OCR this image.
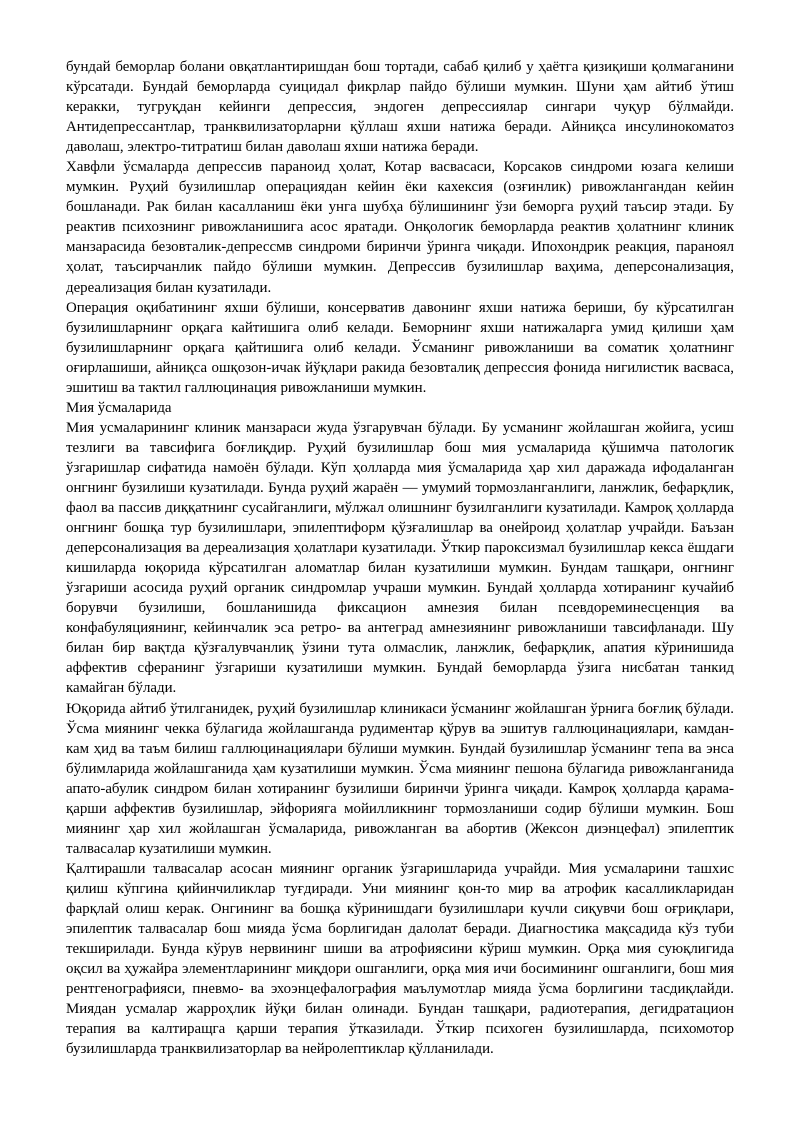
бундай беморлар болани овқатлантиришдан бош тортади, сабаб қилиб у ҳаётга қизиқиши қолмаганини кўрсатади. Бундай беморларда суицидал фикрлар пайдо бўлиши мумкин. Шуни ҳам айтиб ўтиш керакки, тугруқдан кейинги депрессия, эндоген депрессиялар сингари чуқур бўлмайди. Антидепрессантлар, транквилизаторларни қўллаш яхши натижа беради. Айниқса инсулинокоматоз даволаш, электро-титратиш билан даволаш яхши натижа беради.

Хавфли ўсмаларда депрессив параноид ҳолат, Котар васвасаси, Корсаков синдроми юзага келиши мумкин. Руҳий бузилишлар операциядан кейин ёки кахексия (озғинлик) ривожлангандан кейин бошланади. Рак билан касалланиш ёки унга шубҳа бўлишининг ўзи беморга руҳий таъсир этади. Бу реактив психознинг ривожланишига асос яратади. Онқологик беморларда реактив ҳолатнинг клиник манзарасида безовталик-депрессмв синдроми биринчи ўринга чиқади. Ипохондрик реакция, параноял ҳолат, таъсирчанлик пайдо бўлиши мумкин. Депрессив бузилишлар ваҳима, деперсонализация, дереализация билан кузатилади.

Операция оқибатининг яхши бўлиши, консерватив давонинг яхши натижа бериши, бу кўрсатилган бузилишларнинг орқага кайтишига олиб келади. Беморнинг яхши натижаларга умид қилиши ҳам бузилишларнинг орқага қайтишига олиб келади. Ўсманинг ривожланиши ва соматик ҳолатнинг оғирлашиши, айниқса ошқозон-ичак йўқлари ракида безовталиқ депрессия фонида нигилистик васваса, эшитиш ва тактил галлюцинация ривожланиши мумкин.

Мия ўсмаларида

Мия усмаларининг клиник манзараси жуда ўзгарувчан бўлади. Бу усманинг жойлашган жойига, усиш тезлиги ва тавсифига боғлиқдир. Руҳий бузилишлар бош мия усмаларида қўшимча патологик ўзгаришлар сифатида намоён бўлади. Кўп ҳолларда мия ўсмаларида ҳар хил даражада ифодаланган онгнинг бузилиши кузатилади. Бунда руҳий жараён — умумий тормозланганлиги, ланжлик, бефарқлик, фаол ва пассив диққатнинг сусайганлиги, мўлжал олишнинг бузилганлиги кузатилади. Камроқ ҳолларда онгнинг бошқа тур бузилишлари, эпилептиформ қўзғалишлар ва онейроид ҳолатлар учрайди. Баъзан деперсонализация ва дереализация ҳолатлари кузатилади. Ўткир пароксизмал бузилишлар кекса ёшдаги кишиларда юқорида кўрсатилган аломатлар билан кузатилиши мумкин. Бундам ташқари, онгнинг ўзгариши асосида руҳий органик синдромлар учраши мумкин. Бундай ҳолларда хотиранинг кучайиб борувчи бузилиши, бошланишида фиксацион амнезия билан псевдореминесценция ва конфабуляциянинг, кейинчалик эса ретро- ва антеград амнезиянинг ривожланиши тавсифланади. Шу билан бир вақтда қўзғалувчанлиқ ўзини тута олмаслик, ланжлик, бефарқлик, апатия кўринишида аффектив сферанинг ўзгариши кузатилиши мумкин. Бундай беморларда ўзига нисбатан танкид камайган бўлади.

Юқорида айтиб ўтилганидек, руҳий бузилишлар клиникаси ўсманинг жойлашган ўрнига боғлиқ бўлади. Ўсма миянинг чекка бўлагида жойлашганда рудиментар қўрув ва эшитув галлюцинациялари, камдан-кам ҳид ва таъм билиш галлюцинациялари бўлиши мумкин. Бундай бузилишлар ўсманинг тепа ва энса бўлимларида жойлашганида ҳам кузатилиши мумкин. Ўсма миянинг пешона бўлагида ривожланганида апато-абулик синдром билан хотиранинг бузилиши биринчи ўринга чиқади. Камроқ ҳолларда қарама-қарши аффектив бузилишлар, эйфорияга мойилликнинг тормозланиши содир бўлиши мумкин. Бош миянинг ҳар хил жойлашган ўсмаларида, ривожланган ва абортив (Жексон диэнцефал) эпилептик талвасалар кузатилиши мумкин.

Қалтирашли талвасалар асосан миянинг органик ўзгаришларида учрайди. Мия усмаларини ташхис қилиш кўпгина қийинчиликлар туғдиради. Уни миянинг қон-то мир ва атрофик касалликларидан фарқлай олиш керак. Онгининг ва бошқа кўринишдаги бузилишлари кучли сиқувчи бош оғриқлари, эпилептик талвасалар бош мияда ўсма борлигидан далолат беради. Диагностика мақсадида кўз туби текширилади. Бунда кўрув нервининг шиши ва атрофиясини кўриш мумкин. Орқа мия суюқлигида оқсил ва ҳужайра элементларининг миқдори ошганлиги, орқа мия ичи босимининг ошганлиги, бош мия рентгенографияси, пневмо- ва эхоэнцефалография маълумотлар мияда ўсма борлигини тасдиқлайди. Миядан усмалар жарроҳлик йўқи билан олинади. Бундан ташқари, радиотерапия, дегидратацион терапия ва калтиращга қарши терапия ўтказилади. Ўткир психоген бузилишларда, психомотор бузилишларда транквилизаторлар ва нейролептиклар қўлланилади.
